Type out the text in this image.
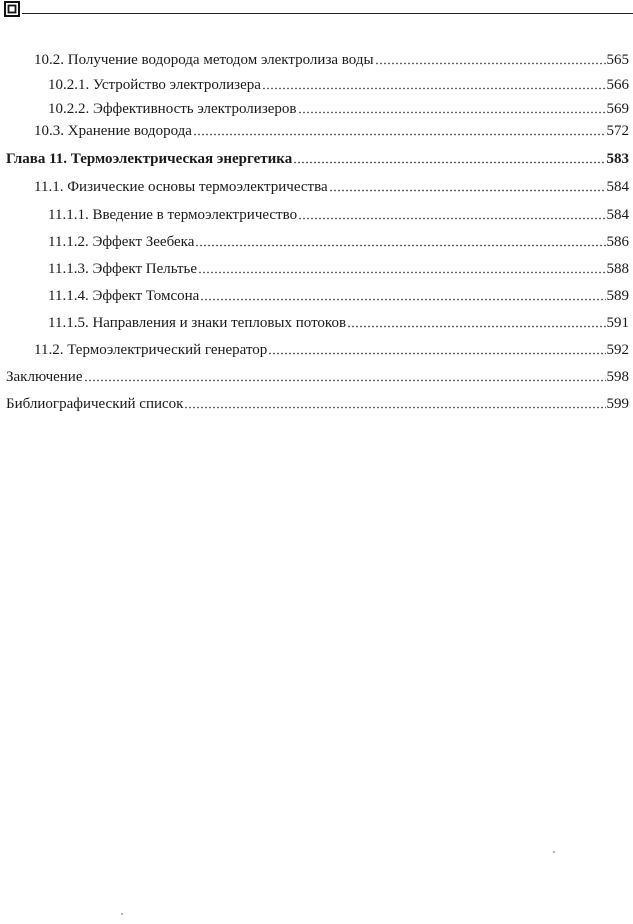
10.2. Получение водорода методом электролиза воды	565
10.2.1. Устройство электролизера	566
10.2.2. Эффективность электролизеров	569
10.3. Хранение водорода	572
Глава 11. Термоэлектрическая энергетика	583
11.1. Физические основы термоэлектричества	584
11.1.1. Введение в термоэлектричество	584
11.1.2. Эффект Зеебека	586
11.1.3. Эффект Пельтье	588
11.1.4. Эффект Томсона	589
11.1.5. Направления и знаки тепловых потоков	591
11.2. Термоэлектрический генератор	592
Заключение	598
Библиографический список	599
